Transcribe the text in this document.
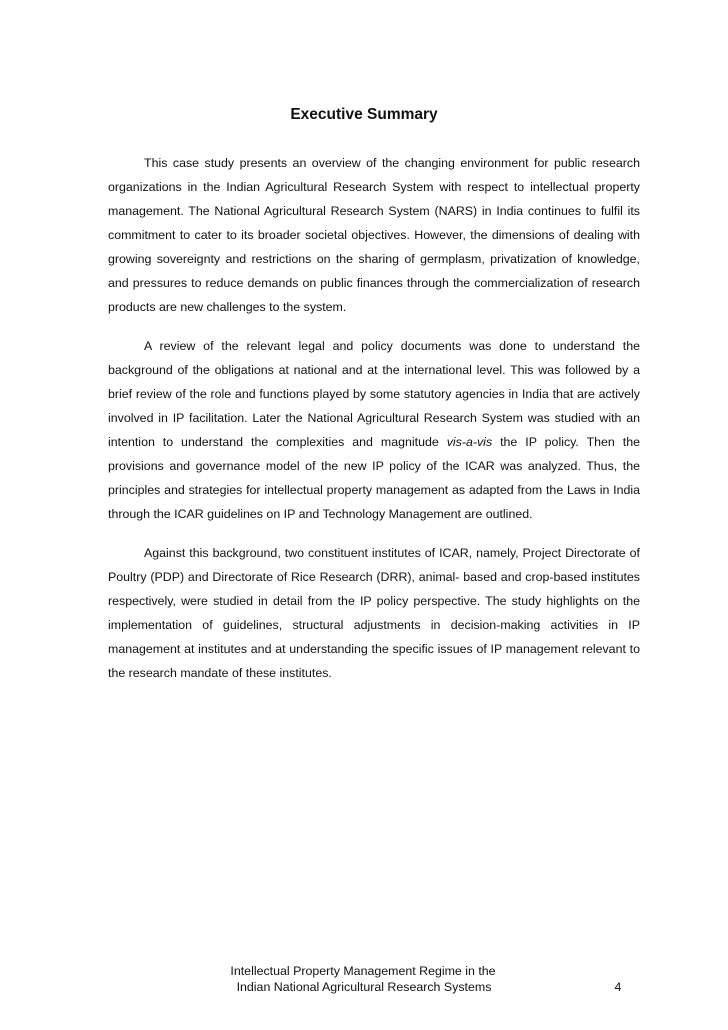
Executive Summary

This case study presents an overview of the changing environment for public research organizations in the Indian Agricultural Research System with respect to intellectual property management. The National Agricultural Research System (NARS) in India continues to fulfil its commitment to cater to its broader societal objectives. However, the dimensions of dealing with growing sovereignty and restrictions on the sharing of germplasm, privatization of knowledge, and pressures to reduce demands on public finances through the commercialization of research products are new challenges to the system.

A review of the relevant legal and policy documents was done to understand the background of the obligations at national and at the international level. This was followed by a brief review of the role and functions played by some statutory agencies in India that are actively involved in IP facilitation. Later the National Agricultural Research System was studied with an intention to understand the complexities and magnitude vis-a-vis the IP policy. Then the provisions and governance model of the new IP policy of the ICAR was analyzed. Thus, the principles and strategies for intellectual property management as adapted from the Laws in India through the ICAR guidelines on IP and Technology Management are outlined.

Against this background, two constituent institutes of ICAR, namely, Project Directorate of Poultry (PDP) and Directorate of Rice Research (DRR), animal- based and crop-based institutes respectively, were studied in detail from the IP policy perspective. The study highlights on the implementation of guidelines, structural adjustments in decision-making activities in IP management at institutes and at understanding the specific issues of IP management relevant to the research mandate of these institutes.

Intellectual Property Management Regime in the
Indian National Agricultural Research Systems	4
